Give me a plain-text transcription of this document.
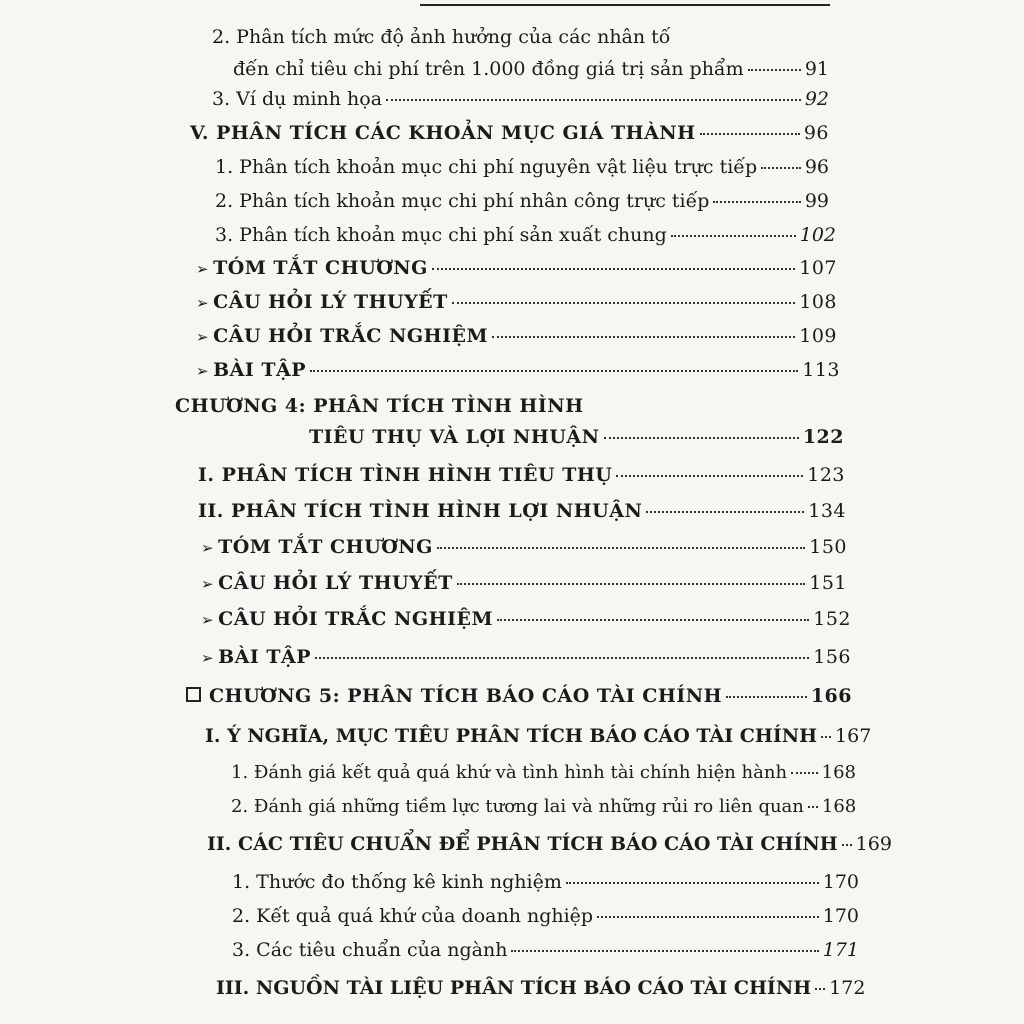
2. Phân tích mức độ ảnh hưởng của các nhân tố
đến chỉ tiêu chi phí trên 1.000 đồng giá trị sản phẩm	91
3. Ví dụ minh họa	92
V. PHÂN TÍCH CÁC KHOẢN MỤC GIÁ THÀNH	96
1. Phân tích khoản mục chi phí nguyên vật liệu trực tiếp	96
2. Phân tích khoản mục chi phí nhân công trực tiếp	99
3. Phân tích khoản mục chi phí sản xuất chung	102
➢ TÓM TẮT CHƯƠNG	107
➢ CÂU HỎI LÝ THUYẾT	108
➢ CÂU HỎI TRẮC NGHIỆM	109
➢ BÀI TẬP	113
CHƯƠNG 4: PHÂN TÍCH TÌNH HÌNH
TIÊU THỤ VÀ LỢI NHUẬN	122
I. PHÂN TÍCH TÌNH HÌNH TIÊU THỤ	123
II. PHÂN TÍCH TÌNH HÌNH LỢI NHUẬN	134
➢ TÓM TẮT CHƯƠNG	150
➢ CÂU HỎI LÝ THUYẾT	151
➢ CÂU HỎI TRẮC NGHIỆM	152
➢ BÀI TẬP	156
CHƯƠNG 5: PHÂN TÍCH BÁO CÁO TÀI CHÍNH	166
I. Ý NGHĨA, MỤC TIÊU PHÂN TÍCH BÁO CÁO TÀI CHÍNH 167
1. Đánh giá kết quả quá khứ và tình hình tài chính hiện hành 168
2. Đánh giá những tiềm lực tương lai và những rủi ro liên quan 168
II. CÁC TIÊU CHUẨN ĐỂ PHÂN TÍCH BÁO CÁO TÀI CHÍNH 169
1. Thước đo thống kê kinh nghiệm	170
2. Kết quả quá khứ của doanh nghiệp	170
3. Các tiêu chuẩn của ngành	171
III. NGUỒN TÀI LIỆU PHÂN TÍCH BÁO CÁO TÀI CHÍNH 172
